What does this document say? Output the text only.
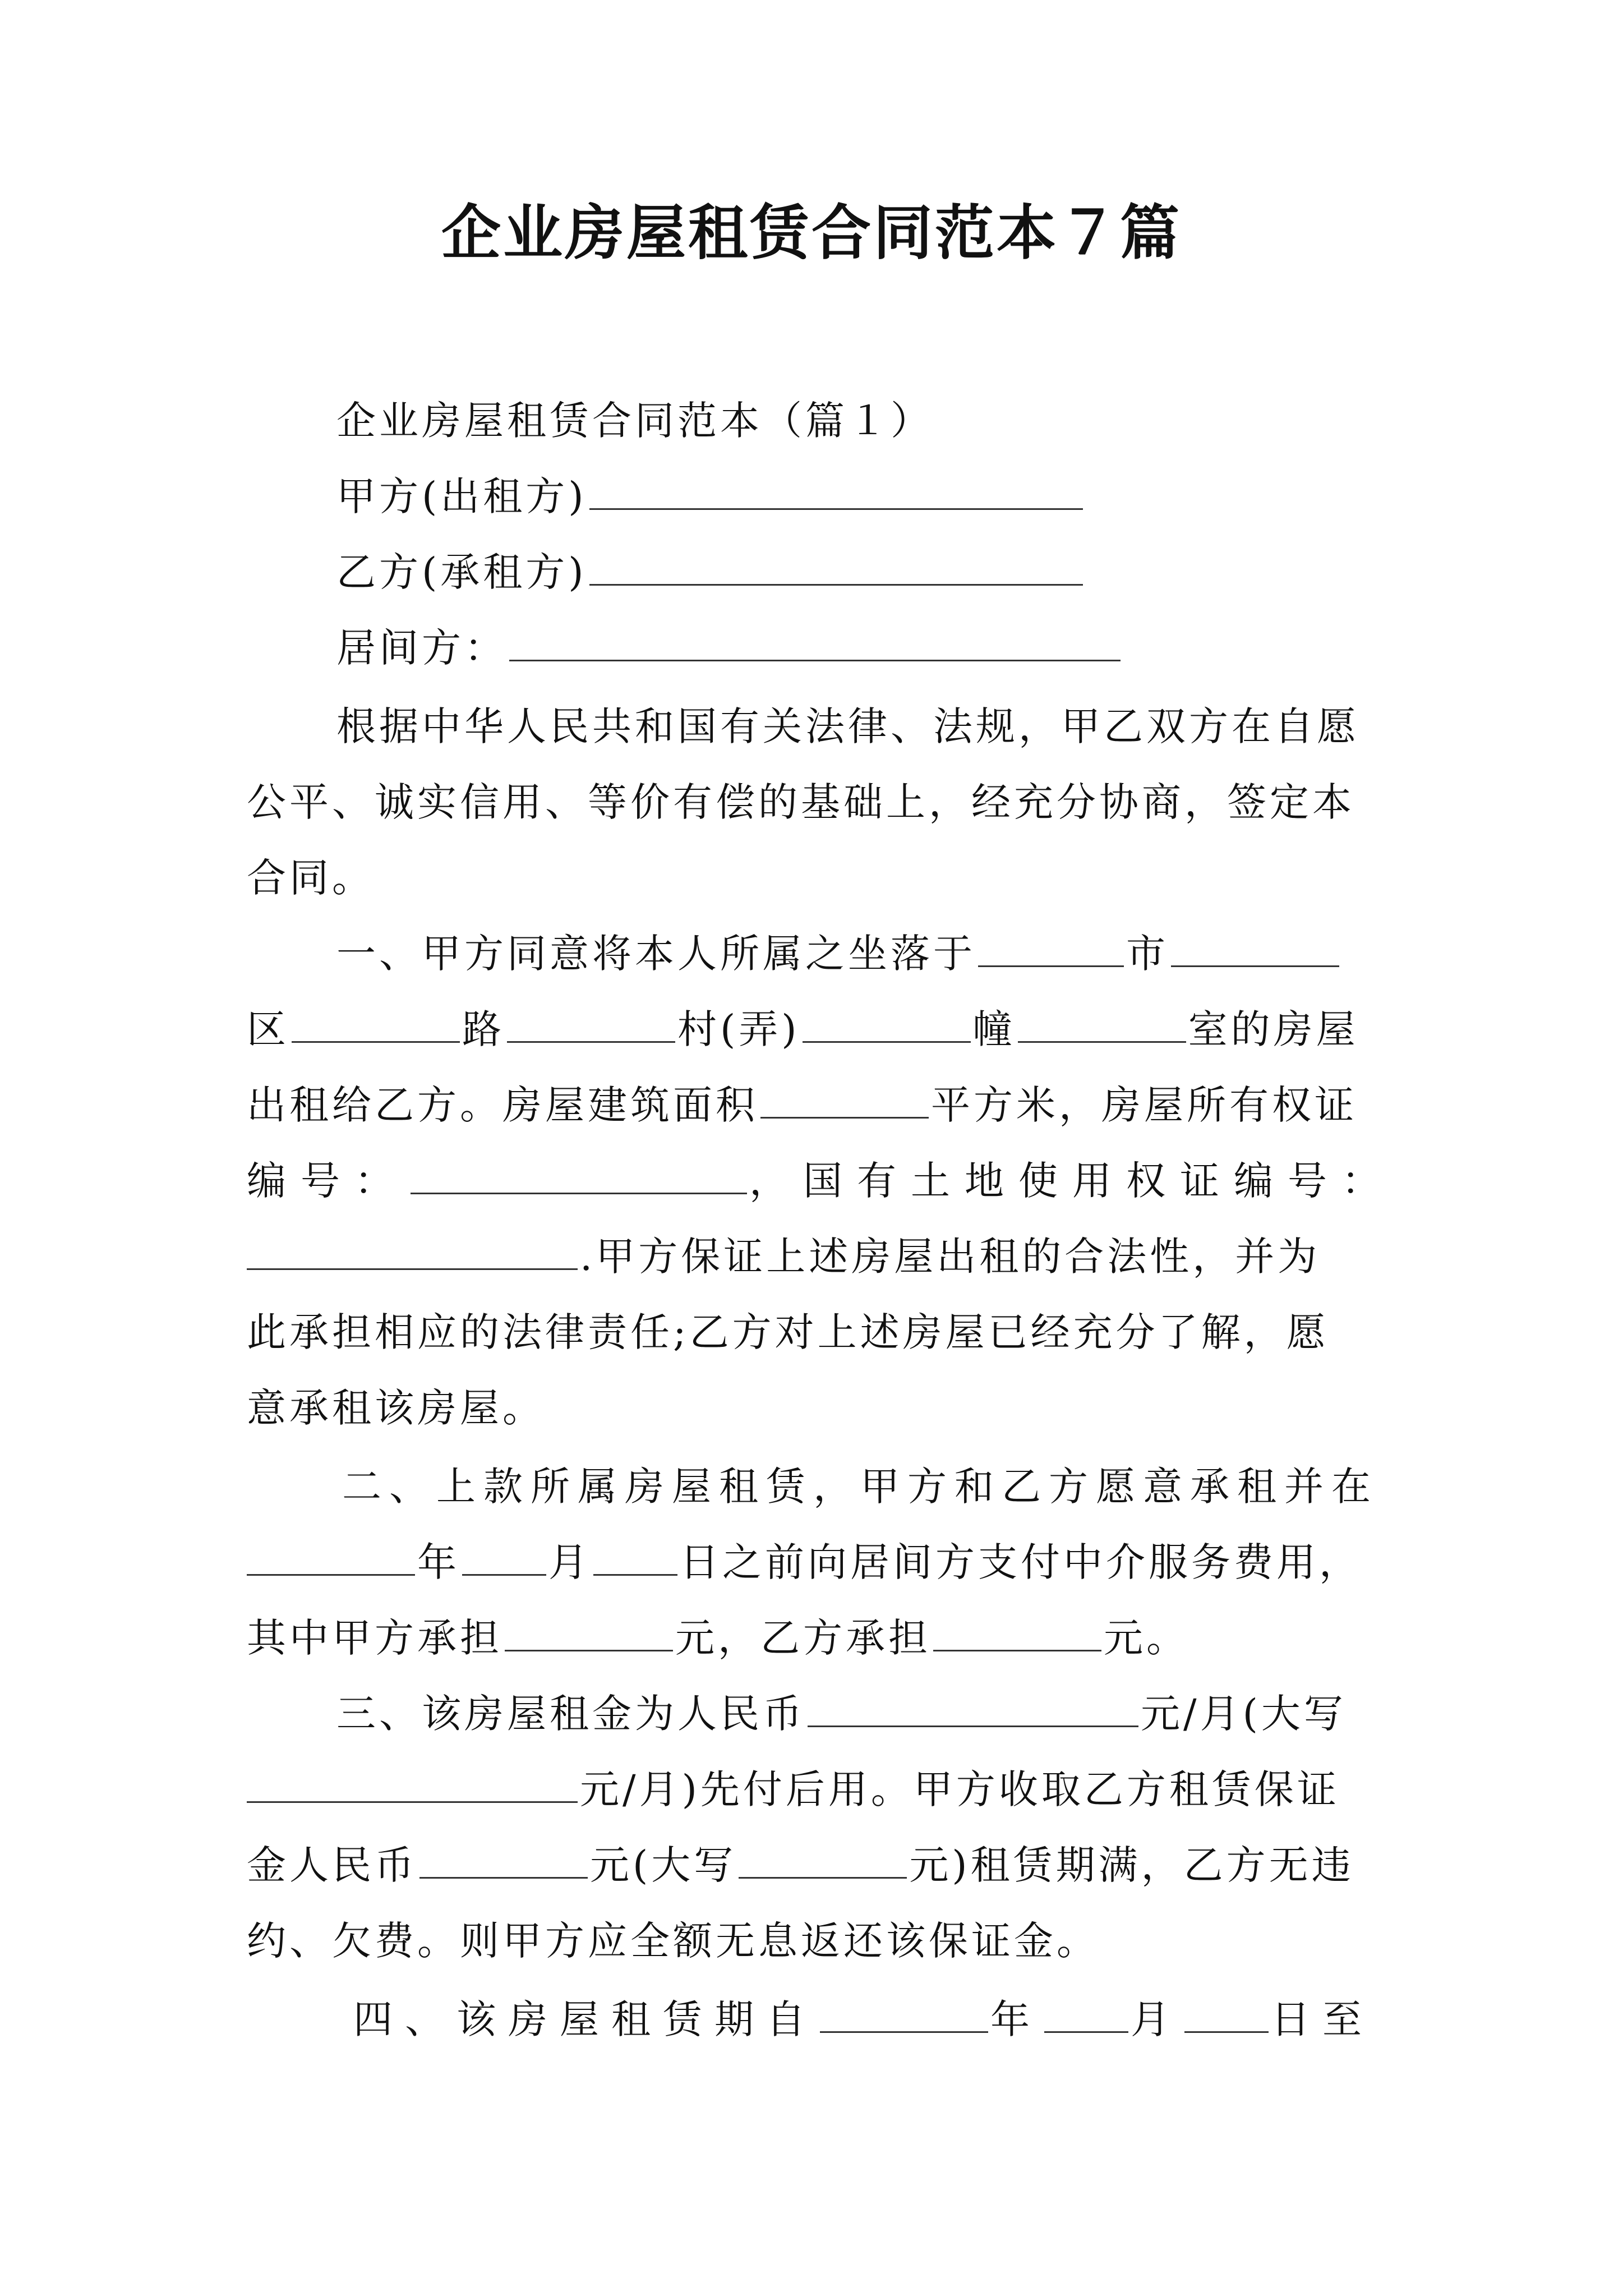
企业房屋租赁合同范本７篇
企业房屋租赁合同范本（篇１）
甲方(出租方)
乙方(承租方)
居间方：
根据中华人民共和国有关法律、法规，甲乙双方在自愿
公平、诚实信用、等价有偿的基础上，经充分协商，签定本
合同。
一、甲方同意将本人所属之坐落于	市
区	路	村(弄)	幢	室的房屋
出租给乙方。房屋建筑面积	平方米，房屋所有权证
编号：	，国有土地使用权证编号：
.甲方保证上述房屋出租的合法性，并为
此承担相应的法律责任;乙方对上述房屋已经充分了解，愿
意承租该房屋。
二、上款所属房屋租赁，甲方和乙方愿意承租并在
年 月 日之前向居间方支付中介服务费用，
其中甲方承担	元，乙方承担	元。
三、该房屋租金为人民币	元/月(大写
元/月)先付后用。甲方收取乙方租赁保证
金人民币	元(大写	元)租赁期满，乙方无违
约、欠费。则甲方应全额无息返还该保证金。
四、该房屋租赁期自	年 月 日至
